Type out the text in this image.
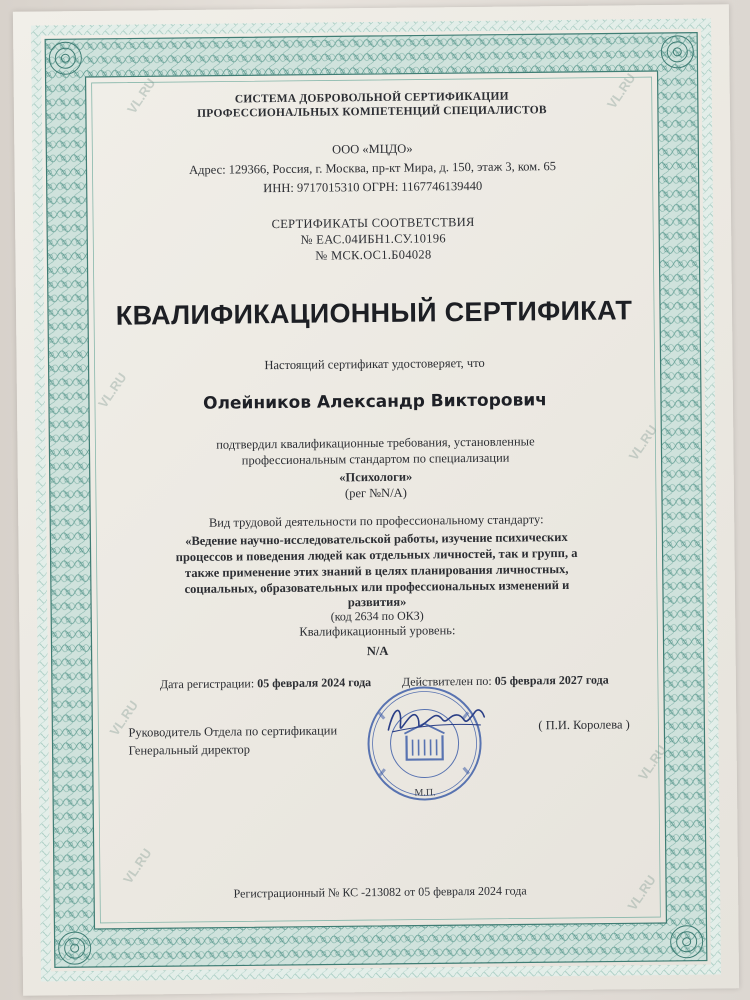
СИСТЕМА ДОБРОВОЛЬНОЙ СЕРТИФИКАЦИИ
ПРОФЕССИОНАЛЬНЫХ КОМПЕТЕНЦИЙ СПЕЦИАЛИСТОВ
ООО «МЦДО»
Адрес: 129366, Россия, г. Москва, пр-кт Мира, д. 150, этаж 3, ком. 65
ИНН: 9717015310 ОГРН: 1167746139440
СЕРТИФИКАТЫ СООТВЕТСТВИЯ
№ ЕАС.04ИБН1.СУ.10196
№ МСК.ОС1.Б04028
КВАЛИФИКАЦИОННЫЙ СЕРТИФИКАТ
Настоящий сертификат удостоверяет, что
Олейников Александр Викторович
подтвердил квалификационные требования, установленные
профессиональным стандартом по специализации
«Психологи»
(рег №N/A)
Вид трудовой деятельности по профессиональному стандарту:
«Ведение научно-исследовательской работы, изучение психических
процессов и поведения людей как отдельных личностей, так и групп, а
также применение этих знаний в целях планирования личностных,
социальных, образовательных или профессиональных изменений и
развития»
(код 2634 по ОКЗ)
Квалификационный уровень:
N/A
Дата регистрации: 05 февраля 2024 года	Действителен по: 05 февраля 2027 года
Руководитель Отдела по сертификации
Генеральный директор
( П.И. Королева )
М.П.
Регистрационный № КС -213082 от 05 февраля 2024 года
VL.RU	VL.RU
VL.RU
VL.RU
VL.RU
VL.RU
VL.RU
VL.RU
